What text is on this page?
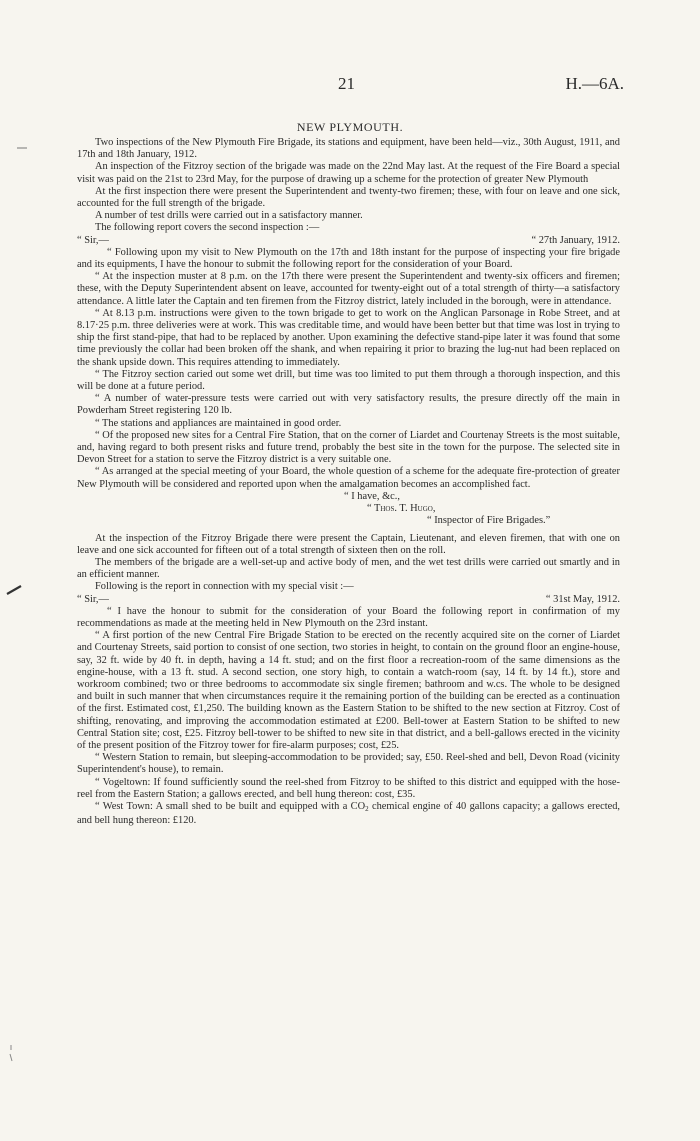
21	H.—6A.
NEW PLYMOUTH.

Two inspections of the New Plymouth Fire Brigade, its stations and equipment, have been held—viz., 30th August, 1911, and 17th and 18th January, 1912.

An inspection of the Fitzroy section of the brigade was made on the 22nd May last. At the request of the Fire Board a special visit was paid on the 21st to 23rd May, for the purpose of drawing up a scheme for the protection of greater New Plymouth

At the first inspection there were present the Superintendent and twenty-two firemen; these, with four on leave and one sick, accounted for the full strength of the brigade.

A number of test drills were carried out in a satisfactory manner.

The following report covers the second inspection :—

“ Sir,—	“ 27th January, 1912.

“ Following upon my visit to New Plymouth on the 17th and 18th instant for the purpose of inspecting your fire brigade and its equipments, I have the honour to submit the following report for the consideration of your Board.

“ At the inspection muster at 8 p.m. on the 17th there were present the Superintendent and twenty-six officers and firemen; these, with the Deputy Superintendent absent on leave, accounted for twenty-eight out of a total strength of thirty—a satisfactory attendance. A little later the Captain and ten firemen from the Fitzroy district, lately included in the borough, were in attendance.

“ At 8.13 p.m. instructions were given to the town brigade to get to work on the Anglican Parsonage in Robe Street, and at 8.17·25 p.m. three deliveries were at work. This was creditable time, and would have been better but that time was lost in trying to ship the first stand-pipe, that had to be replaced by another. Upon examining the defective stand-pipe later it was found that some time previously the collar had been broken off the shank, and when repairing it prior to brazing the lug-nut had been replaced on the shank upside down. This requires attending to immediately.

“ The Fitzroy section caried out some wet drill, but time was too limited to put them through a thorough inspection, and this will be done at a future period.

“ A number of water-pressure tests were carried out with very satisfactory results, the presure directly off the main in Powderham Street registering 120 lb.

“ The stations and appliances are maintained in good order.

“ Of the proposed new sites for a Central Fire Station, that on the corner of Liardet and Courtenay Streets is the most suitable, and, having regard to both present risks and future trend, probably the best site in the town for the purpose. The selected site in Devon Street for a station to serve the Fitzroy district is a very suitable one.

“ As arranged at the special meeting of your Board, the whole question of a scheme for the adequate fire-protection of greater New Plymouth will be considered and reported upon when the amalgamation becomes an accomplished fact.

“ I have, &c.,

“ Thos. T. Hugo,

“ Inspector of Fire Brigades.”

At the inspection of the Fitzroy Brigade there were present the Captain, Lieutenant, and eleven firemen, that with one on leave and one sick accounted for fifteen out of a total strength of sixteen then on the roll.

The members of the brigade are a well-set-up and active body of men, and the wet test drills were carried out smartly and in an efficient manner.

Following is the report in connection with my special visit :—

“ Sir,—	“ 31st May, 1912.

“ I have the honour to submit for the consideration of your Board the following report in confirmation of my recommendations as made at the meeting held in New Plymouth on the 23rd instant.

“ A first portion of the new Central Fire Brigade Station to be erected on the recently acquired site on the corner of Liardet and Courtenay Streets, said portion to consist of one section, two stories in height, to contain on the ground floor an engine-house, say, 32 ft. wide by 40 ft. in depth, having a 14 ft. stud; and on the first floor a recreation-room of the same dimensions as the engine-house, with a 13 ft. stud. A second section, one story high, to contain a watch-room (say, 14 ft. by 14 ft.), store and workroom combined; two or three bedrooms to accommodate six single firemen; bathroom and w.cs. The whole to be designed and built in such manner that when circumstances require it the remaining portion of the building can be erected as a continuation of the first. Estimated cost, £1,250. The building known as the Eastern Station to be shifted to the new section at Fitzroy. Cost of shifting, renovating, and improving the accommodation estimated at £200. Bell-tower at Eastern Station to be shifted to new Central Station site; cost, £25. Fitzroy bell-tower to be shifted to new site in that district, and a bell-gallows erected in the vicinity of the present position of the Fitzroy tower for fire-alarm purposes; cost, £25.

“ Western Station to remain, but sleeping-accommodation to be provided; say, £50. Reel-shed and bell, Devon Road (vicinity Superintendent's house), to remain.

“ Vogeltown: If found sufficiently sound the reel-shed from Fitzroy to be shifted to this district and equipped with the hose-reel from the Eastern Station; a gallows erected, and bell hung thereon: cost, £35.

“ West Town: A small shed to be built and equipped with a $CO_2$ chemical engine of 40 gallons capacity; a gallows erected, and bell hung thereon: £120.
